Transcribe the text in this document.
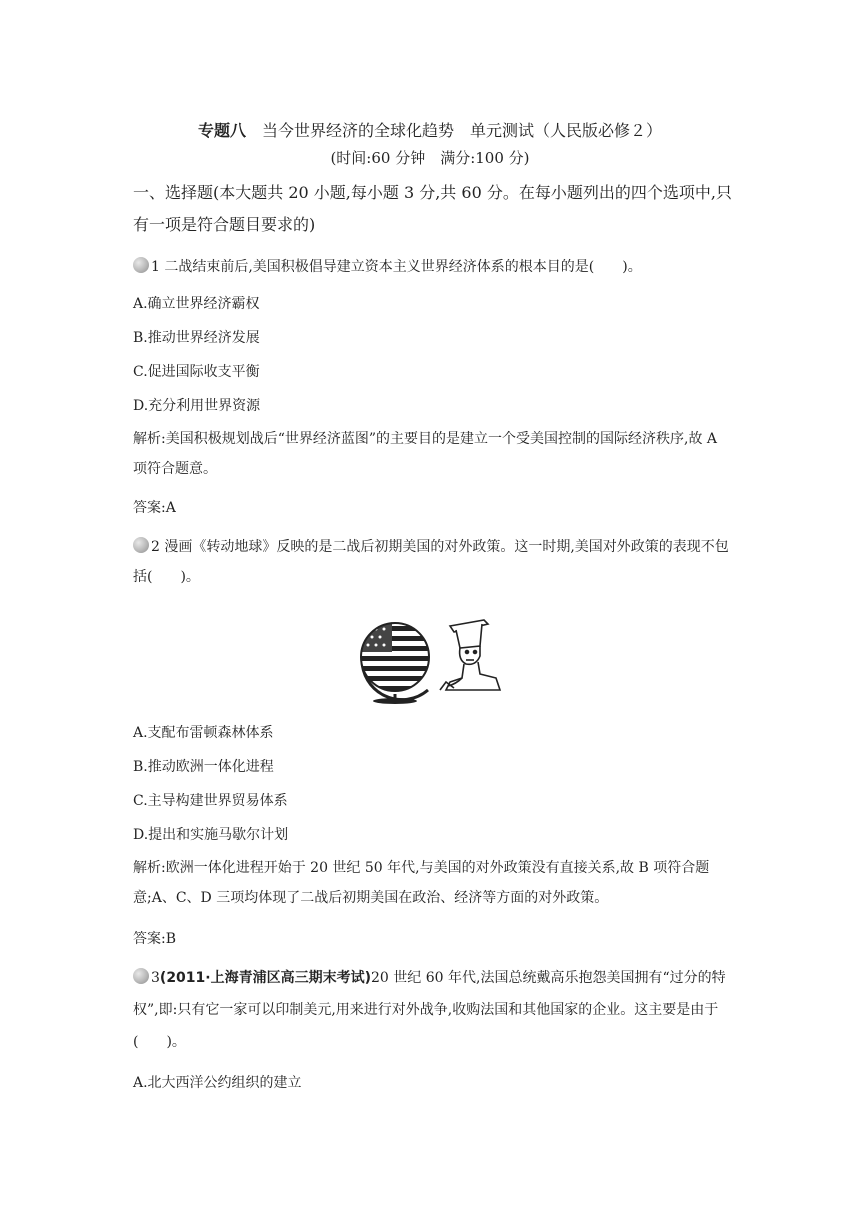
专题八　 当今世界经济的全球化趋势　单元测试（人民版必修２）
(时间:60 分钟　满分:100 分)
一、选择题(本大题共 20 小题,每小题 3 分,共 60 分。在每小题列出的四个选项中,只有一项是符合题目要求的)
1 二战结束前后,美国积极倡导建立资本主义世界经济体系的根本目的是(　　)。
A.确立世界经济霸权
B.推动世界经济发展
C.促进国际收支平衡
D.充分利用世界资源
解析:美国积极规划战后“世界经济蓝图”的主要目的是建立一个受美国控制的国际经济秩序,故 A 项符合题意。
答案:A
2 漫画《转动地球》反映的是二战后初期美国的对外政策。这一时期,美国对外政策的表现不包括(　　)。
A.支配布雷顿森林体系
B.推动欧洲一体化进程
C.主导构建世界贸易体系
D.提出和实施马歇尔计划
解析:欧洲一体化进程开始于 20 世纪 50 年代,与美国的对外政策没有直接关系,故 B 项符合题意;A、C、D 三项均体现了二战后初期美国在政治、经济等方面的对外政策。
答案:B
3(2011·上海青浦区高三期末考试)20 世纪 60 年代,法国总统戴高乐抱怨美国拥有“过分的特权”,即:只有它一家可以印制美元,用来进行对外战争,收购法国和其他国家的企业。这主要是由于(　　)。
A.北大西洋公约组织的建立
